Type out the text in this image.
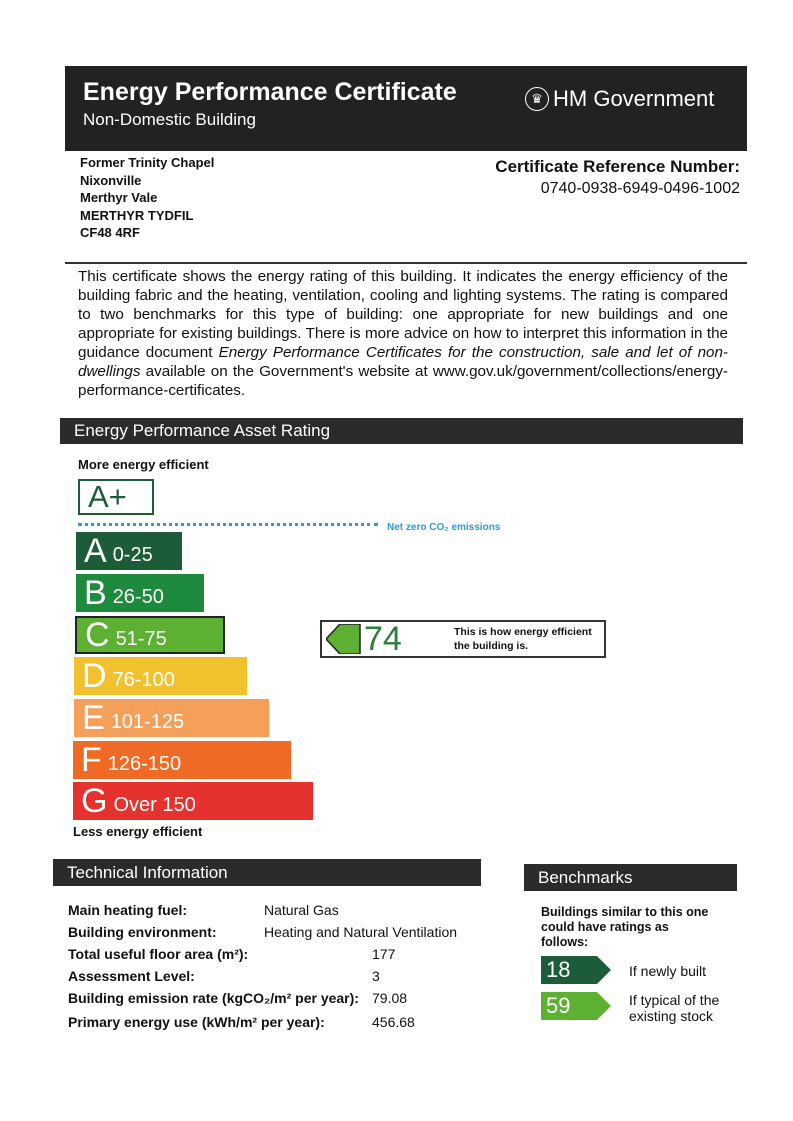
Energy Performance Certificate
Non-Domestic Building
♛ HM Government
Former Trinity Chapel
Nixonville
Merthyr Vale
MERTHYR TYDFIL
CF48 4RF
Certificate Reference Number:
0740-0938-6949-0496-1002
This certificate shows the energy rating of this building. It indicates the energy efficiency of the building fabric and the heating, ventilation, cooling and lighting systems. The rating is compared to two benchmarks for this type of building: one appropriate for new buildings and one appropriate for existing buildings. There is more advice on how to interpret this information in the guidance document Energy Performance Certificates for the construction, sale and let of non-dwellings available on the Government's website at www.gov.uk/government/collections/energy-performance-certificates.
Energy Performance Asset Rating
More energy efficient
A+
Net zero CO₂ emissions
A 0-25
B 26-50
C 51-75
D 76-100
E 101-125
F 126-150
G Over 150
74	This is how energy efficient the building is.
Less energy efficient
Technical Information
Main heating fuel:	Natural Gas
Building environment:	Heating and Natural Ventilation
Total useful floor area (m²):	177
Assessment Level:	3
Building emission rate (kgCO₂/m² per year): 79.08
Primary energy use (kWh/m² per year):	456.68
Benchmarks
Buildings similar to this one could have ratings as follows:
18	If newly built
59	If typical of the existing stock
